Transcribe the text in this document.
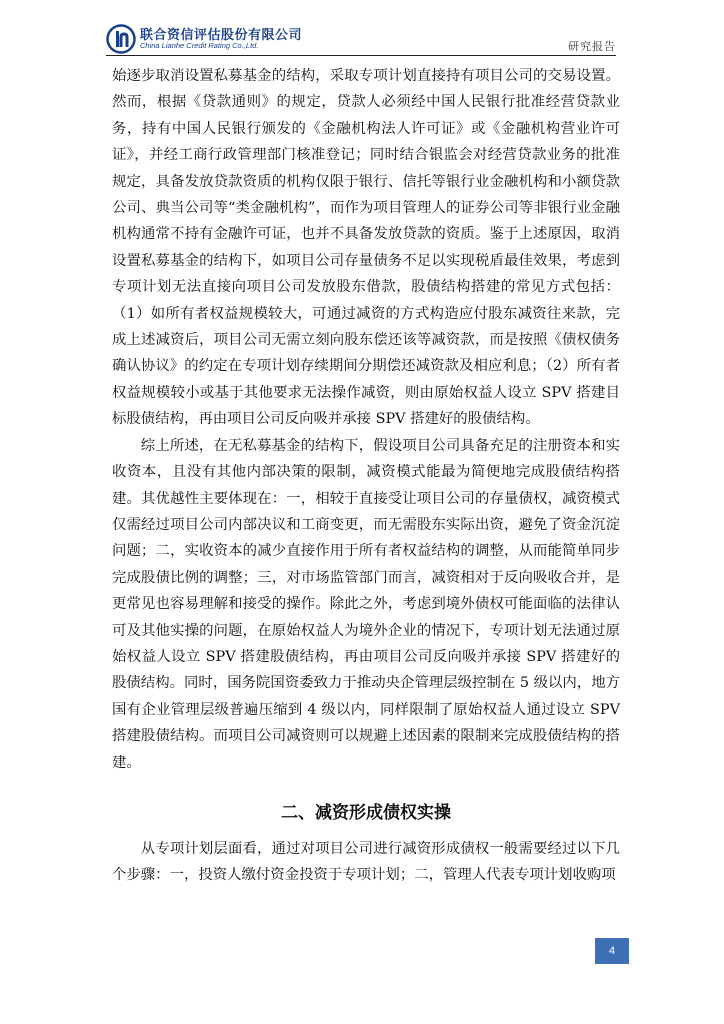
联合资信评估股份有限公司
China Lianhe Credit Rating Co.,Ltd.	研究报告

始逐步取消设置私募基金的结构，采取专项计划直接持有项目公司的交易设置。然而，根据《贷款通则》的规定，贷款人必须经中国人民银行批准经营贷款业务，持有中国人民银行颁发的《金融机构法人许可证》或《金融机构营业许可证》，并经工商行政管理部门核准登记；同时结合银监会对经营贷款业务的批准规定，具备发放贷款资质的机构仅限于银行、信托等银行业金融机构和小额贷款公司、典当公司等“类金融机构”，而作为项目管理人的证券公司等非银行业金融机构通常不持有金融许可证，也并不具备发放贷款的资质。鉴于上述原因，取消设置私募基金的结构下，如项目公司存量债务不足以实现税盾最佳效果，考虑到专项计划无法直接向项目公司发放股东借款，股债结构搭建的常见方式包括：（1）如所有者权益规模较大，可通过减资的方式构造应付股东减资往来款，完成上述减资后，项目公司无需立刻向股东偿还该等减资款，而是按照《债权债务确认协议》的约定在专项计划存续期间分期偿还减资款及相应利息；（2）所有者权益规模较小或基于其他要求无法操作减资，则由原始权益人设立 SPV 搭建目标股债结构，再由项目公司反向吸并承接 SPV 搭建好的股债结构。

综上所述，在无私募基金的结构下，假设项目公司具备充足的注册资本和实收资本，且没有其他内部决策的限制，减资模式能最为简便地完成股债结构搭建。其优越性主要体现在：一，相较于直接受让项目公司的存量债权，减资模式仅需经过项目公司内部决议和工商变更，而无需股东实际出资，避免了资金沉淀问题；二，实收资本的减少直接作用于所有者权益结构的调整，从而能简单同步完成股债比例的调整；三，对市场监管部门而言，减资相对于反向吸收合并，是更常见也容易理解和接受的操作。除此之外，考虑到境外债权可能面临的法律认可及其他实操的问题，在原始权益人为境外企业的情况下，专项计划无法通过原始权益人设立 SPV 搭建股债结构，再由项目公司反向吸并承接 SPV 搭建好的股债结构。同时，国务院国资委致力于推动央企管理层级控制在 5 级以内，地方国有企业管理层级普遍压缩到 4 级以内，同样限制了原始权益人通过设立 SPV 搭建股债结构。而项目公司减资则可以规避上述因素的限制来完成股债结构的搭建。

二、减资形成债权实操

从专项计划层面看，通过对项目公司进行减资形成债权一般需要经过以下几个步骤：一，投资人缴付资金投资于专项计划；二，管理人代表专项计划收购项

4
